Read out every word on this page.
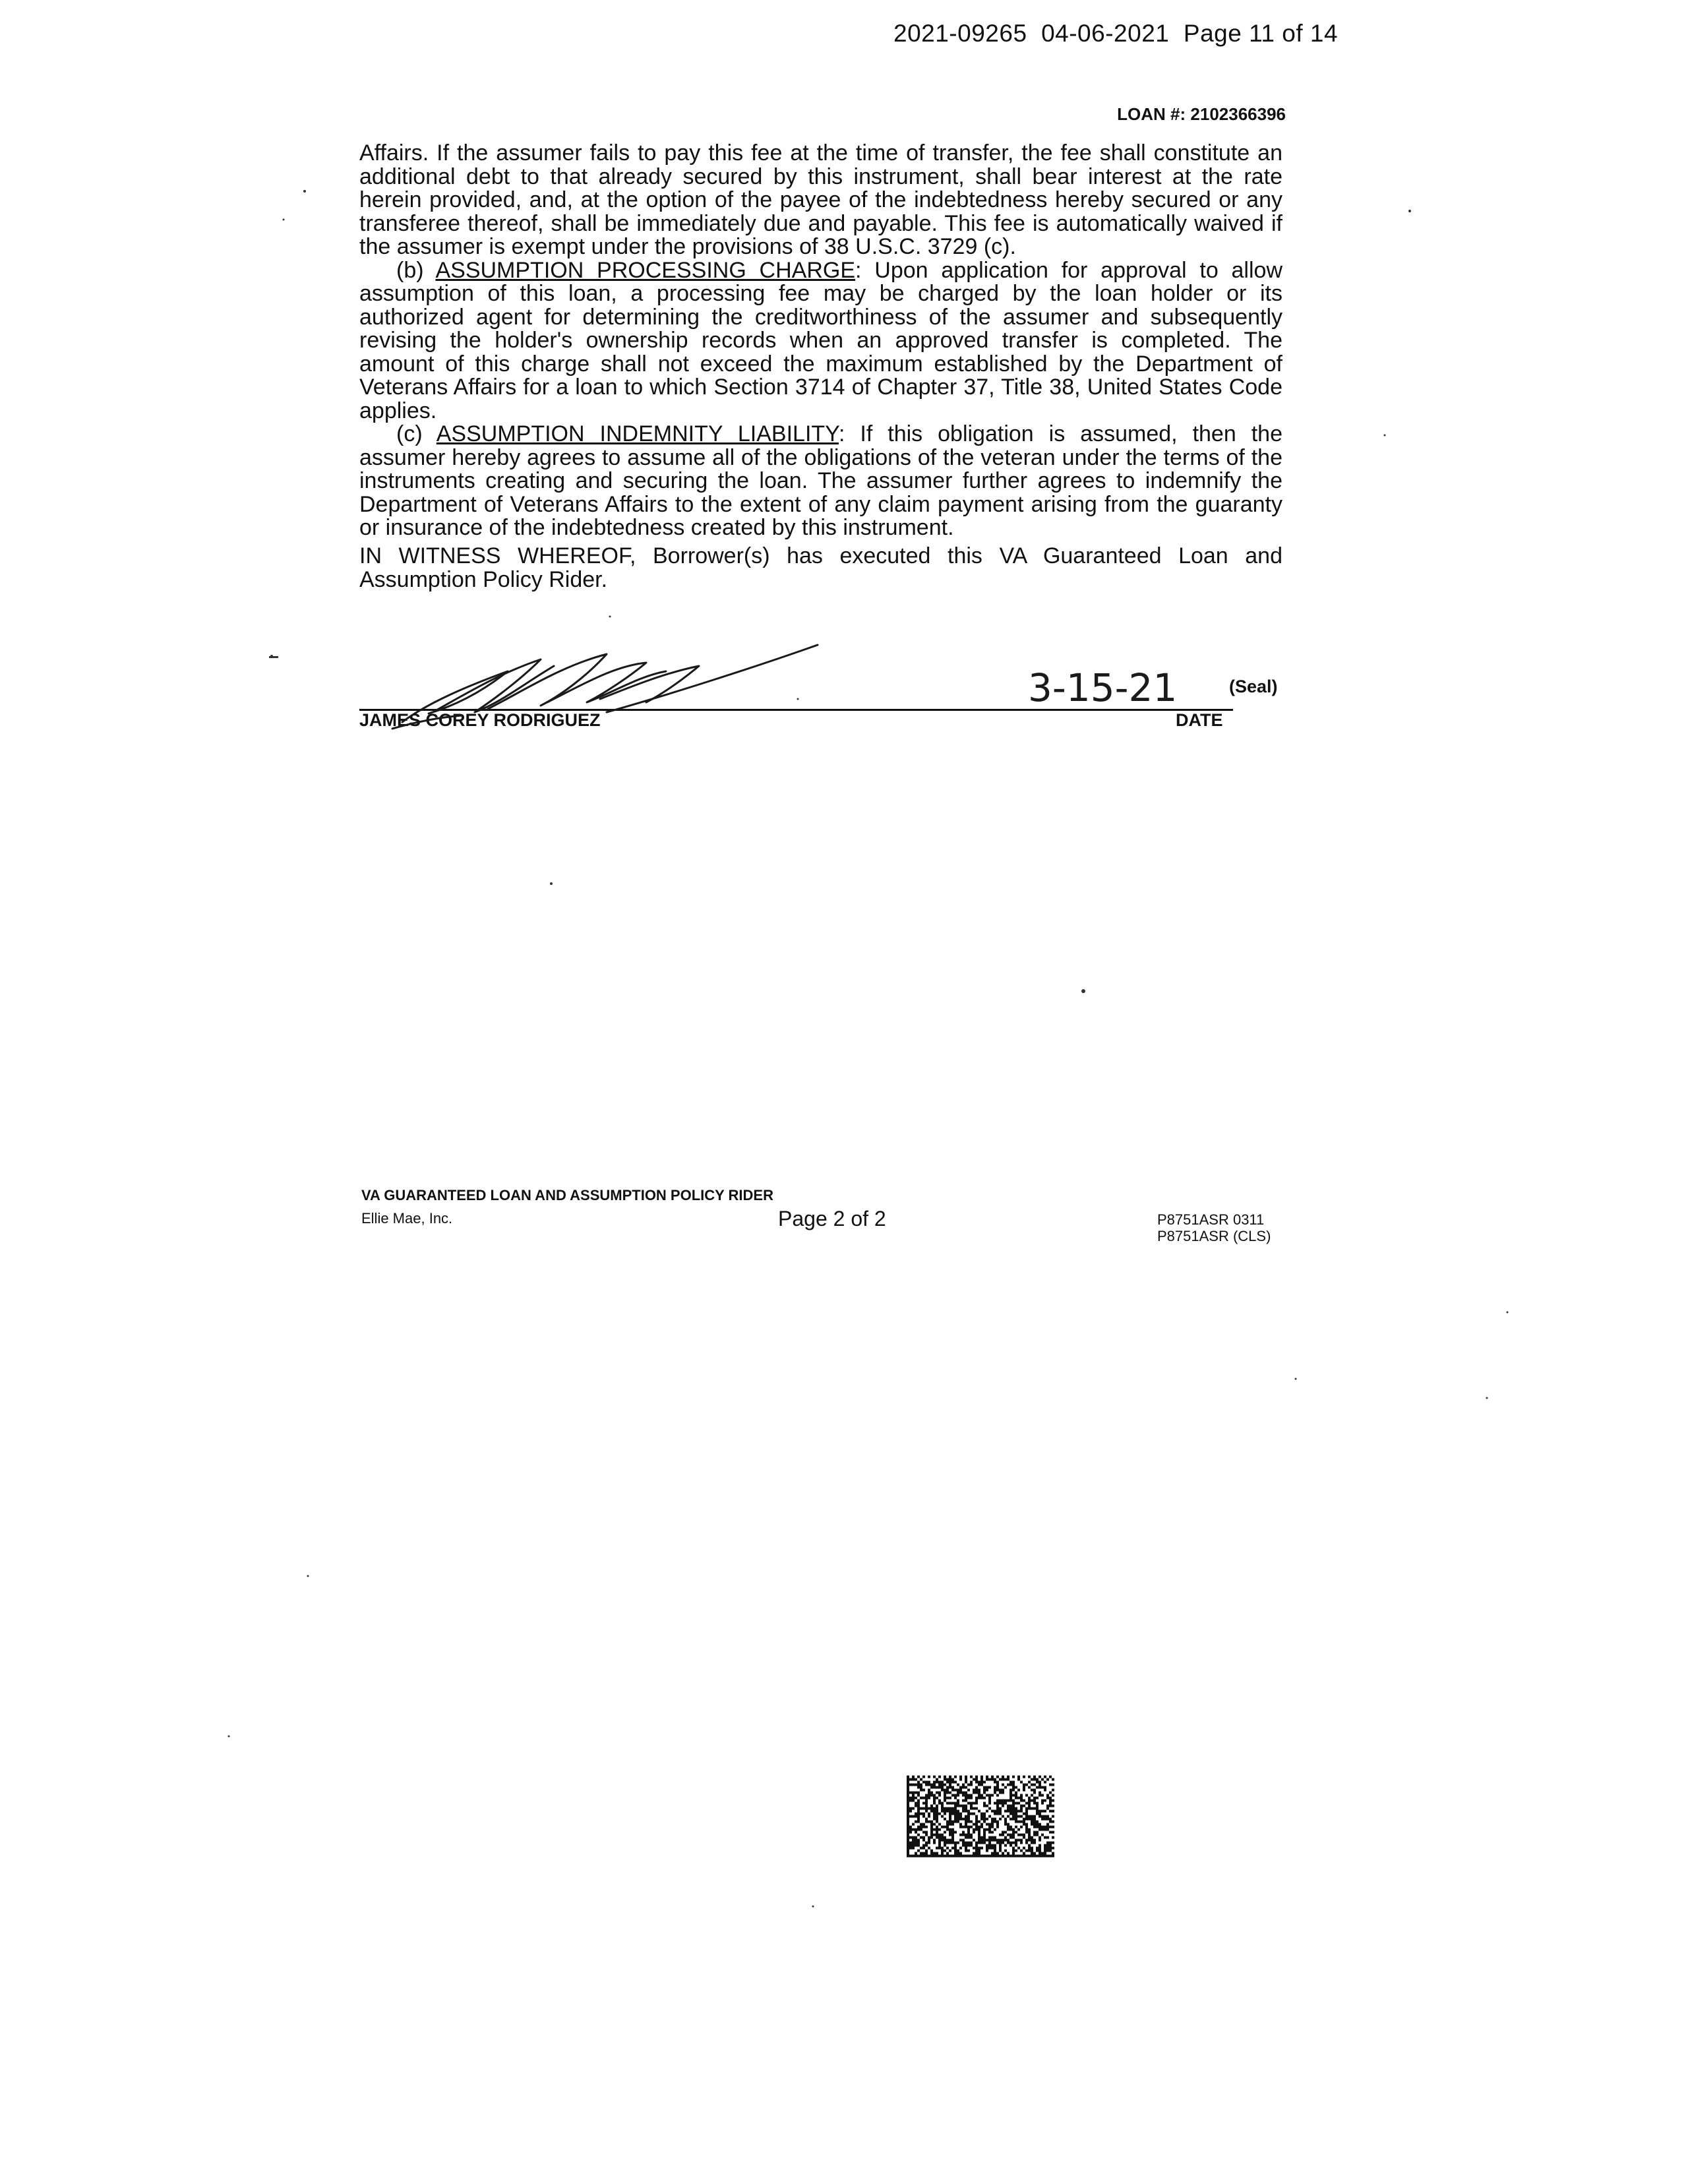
2021-09265  04-06-2021  Page 11 of 14
LOAN #: 2102366396

Affairs. If the assumer fails to pay this fee at the time of transfer, the fee shall constitute an additional debt to that already secured by this instrument, shall bear interest at the rate herein provided, and, at the option of the payee of the indebtedness hereby secured or any transferee thereof, shall be immediately due and payable. This fee is automatically waived if the assumer is exempt under the provisions of 38 U.S.C. 3729 (c).

(b) ASSUMPTION PROCESSING CHARGE: Upon application for approval to allow assumption of this loan, a processing fee may be charged by the loan holder or its authorized agent for determining the creditworthiness of the assumer and subsequently revising the holder's ownership records when an approved transfer is completed. The amount of this charge shall not exceed the maximum established by the Department of Veterans Affairs for a loan to which Section 3714 of Chapter 37, Title 38, United States Code applies.

(c) ASSUMPTION INDEMNITY LIABILITY: If this obligation is assumed, then the assumer hereby agrees to assume all of the obligations of the veteran under the terms of the instruments creating and securing the loan. The assumer further agrees to indemnify the Department of Veterans Affairs to the extent of any claim payment arising from the guaranty or insurance of the indebtedness created by this instrument.

IN WITNESS WHEREOF, Borrower(s) has executed this VA Guaranteed Loan and Assumption Policy Rider.

JAMES COREY RODRIGUEZ
(Seal)
DATE
3-15-21
VA GUARANTEED LOAN AND ASSUMPTION POLICY RIDER
Ellie Mae, Inc.	Page 2 of 2	P8751ASR 0311
P8751ASR (CLS)
